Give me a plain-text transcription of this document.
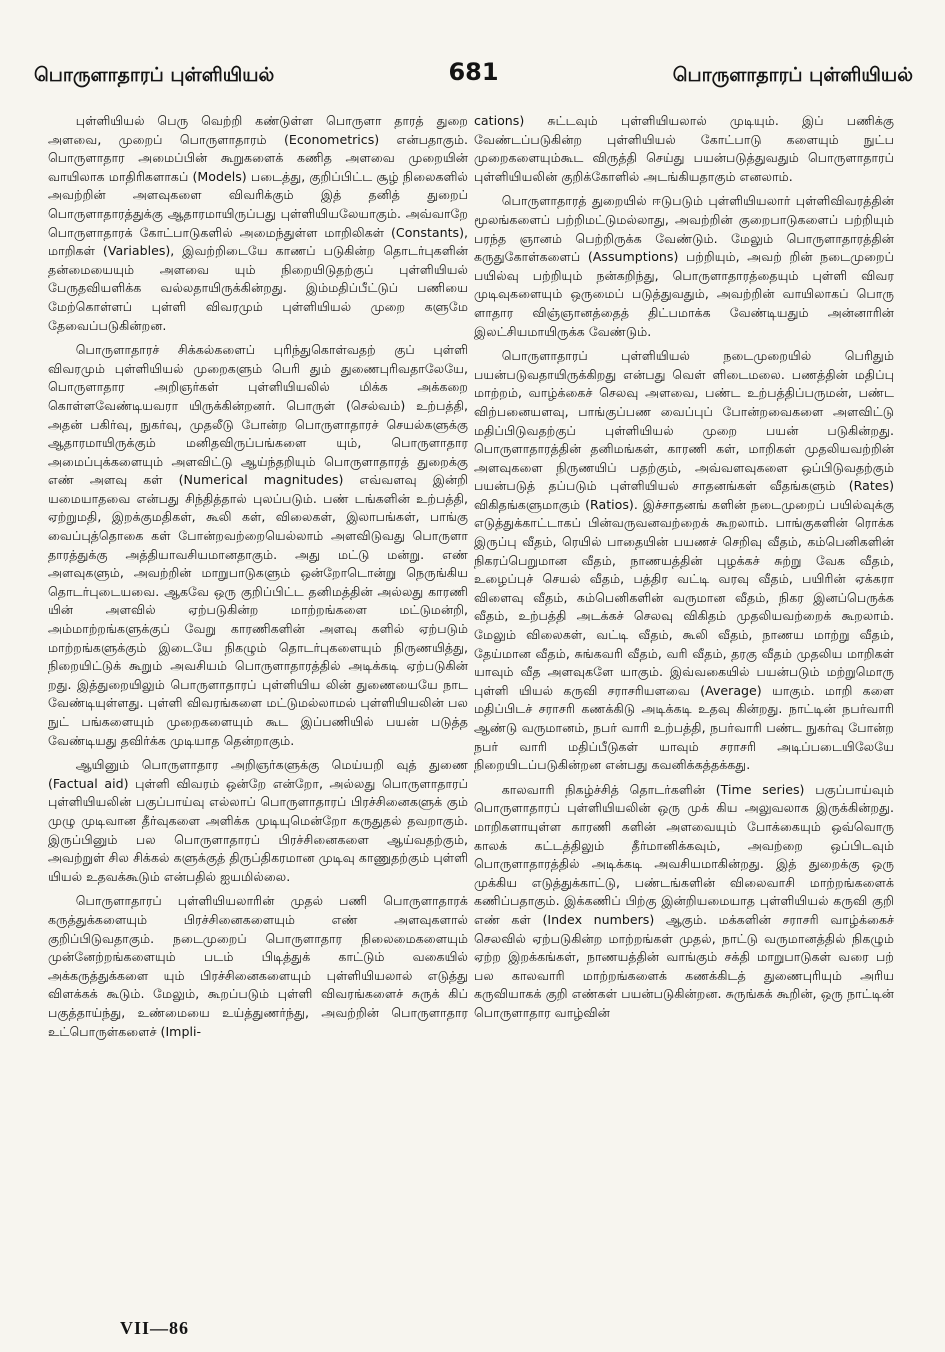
பொருளாதாரப் புள்ளியியல்	681	பொருளாதாரப் புள்ளியியல்

புள்ளியியல் பெரு வெற்றி கண்டுள்ள பொருளா தாரத் துறை அளவை, முறைப் பொருளாதாரம் (Econometrics) என்பதாகும். பொருளாதார அமைப்பின் கூறுகளைக் கணித அளவை முறையின் வாயிலாக மாதிரிகளாகப் (Models) படைத்து, குறிப்பிட்ட சூழ் நிலைகளில் அவற்றின் அளவுகளை விவரிக்கும் இத் தனித் துறைப் பொருளாதாரத்துக்கு ஆதாரமாயிருப்பது புள்ளியியலேயாகும். அவ்வாறே பொருளாதாரக் கோட்பாடுகளில் அமைந்துள்ள மாறிலிகள் (Constants), மாறிகள் (Variables), இவற்றிடையே காணப் படுகின்ற தொடர்புகளின் தன்மையையும் அளவை யும் நிறையிடுதற்குப் புள்ளியியல் பேருதவியளிக்க வல்லதாயிருக்கின்றது. இம்மதிப்பீட்டுப் பணியை மேற்கொள்ளப் புள்ளி விவரமும் புள்ளியியல் முறை களுமே தேவைப்படுகின்றன.

பொருளாதாரச் சிக்கல்களைப் புரிந்துகொள்வதற் குப் புள்ளி விவரமும் புள்ளியியல் முறைகளும் பெரி தும் துணைபுரிவதாலேயே, பொருளாதார அறிஞர்கள் புள்ளியியலில் மிக்க அக்கறை கொள்ளவேண்டியவரா யிருக்கின்றனர். பொருள் (செல்வம்) உற்பத்தி, அதன் பகிர்வு, நுகர்வு, முதலீடு போன்ற பொருளாதாரச் செயல்களுக்கு ஆதாரமாயிருக்கும் மனிதவிருப்பங்களை யும், பொருளாதார அமைப்புக்களையும் அளவிட்டு ஆய்ந்தறியும் பொருளாதாரத் துறைக்கு எண் அளவு கள் (Numerical magnitudes) எவ்வளவு இன்றி யமையாதவை என்பது சிந்தித்தால் புலப்படும். பண் டங்களின் உற்பத்தி, ஏற்றுமதி, இறக்குமதிகள், கூலி கள், விலைகள், இலாபங்கள், பாங்கு வைப்புத்தொகை கள் போன்றவற்றையெல்லாம் அளவிடுவது பொருளா தாரத்துக்கு அத்தியாவசியமானதாகும். அது மட்டு மன்று. எண் அளவுகளும், அவற்றின் மாறுபாடுகளும் ஒன்றோடொன்று நெருங்கிய தொடர்புடையவை. ஆகவே ஒரு குறிப்பிட்ட தனிமத்தின் அல்லது காரணி யின் அளவில் ஏற்படுகின்ற மாற்றங்களை மட்டுமன்றி, அம்மாற்றங்களுக்குப் வேறு காரணிகளின் அளவு களில் ஏற்படும் மாற்றங்களுக்கும் இடையே நிகழும் தொடர்புகளையும் நிருணயித்து, நிறையிட்டுக் கூறும் அவசியம் பொருளாதாரத்தில் அடிக்கடி ஏற்படுகின் றது. இத்துறையிலும் பொருளாதாரப் புள்ளியிய லின் துணையையே நாட வேண்டியுள்ளது. புள்ளி விவரங்களை மட்டுமல்லாமல் புள்ளியியலின் பல நுட் பங்களையும் முறைகளையும் கூட இப்பணியில் பயன் படுத்த வேண்டியது தவிர்க்க முடியாத தென்றாகும்.

ஆயினும் பொருளாதார அறிஞர்களுக்கு மெய்யறி வுத் துணை (Factual aid) புள்ளி விவரம் ஒன்றே என்றோ, அல்லது பொருளாதாரப் புள்ளியியலின் பகுப்பாய்வு எல்லாப் பொருளாதாரப் பிரச்சினைகளுக் கும் முழு முடிவான தீர்வுகளை அளிக்க முடியுமென்றோ கருதுதல் தவறாகும். இருப்பினும் பல பொருளாதாரப் பிரச்சினைகளை ஆய்வதற்கும், அவற்றுள் சில சிக்கல் களுக்குத் திருப்திகரமான முடிவு காணுதற்கும் புள்ளி யியல் உதவக்கூடும் என்பதில் ஐயமில்லை.

பொருளாதாரப் புள்ளியியலாரின் முதல் பணி பொருளாதாரக் கருத்துக்களையும் பிரச்சினைகளையும் எண் அளவுகளால் குறிப்பிடுவதாகும். நடைமுறைப் பொருளாதார நிலைமைகளையும் முன்னேற்றங்களையும் படம் பிடித்துக் காட்டும் வகையில் அக்கருத்துக்களை யும் பிரச்சினைகளையும் புள்ளியியலால் எடுத்து விளக்கக் கூடும். மேலும், கூறப்படும் புள்ளி விவரங்களைச் சுருக் கிப் பகுத்தாய்ந்து, உண்மையை உய்த்துணர்ந்து, அவற்றின் பொருளாதார உட்பொருள்களைச் (Impli-

cations) சுட்டவும் புள்ளியியலால் முடியும். இப் பணிக்கு வேண்டப்படுகின்ற புள்ளியியல் கோட்பாடு களையும் நுட்ப முறைகளையும்கூட விருத்தி செய்து பயன்படுத்துவதும் பொருளாதாரப் புள்ளியியலின் குறிக்கோளில் அடங்கியதாகும் எனலாம்.

பொருளாதாரத் துறையில் ஈடுபடும் புள்ளியியலார் புள்ளிவிவரத்தின் மூலங்களைப் பற்றிமட்டுமல்லாது, அவற்றின் குறைபாடுகளைப் பற்றியும் பரந்த ஞானம் பெற்றிருக்க வேண்டும். மேலும் பொருளாதாரத்தின் கருதுகோள்களைப் (Assumptions) பற்றியும், அவற் றின் நடைமுறைப் பயில்வு பற்றியும் நன்கறிந்து, பொருளாதாரத்தையும் புள்ளி விவர முடிவுகளையும் ஒருமைப் படுத்துவதும், அவற்றின் வாயிலாகப் பொரு ளாதார விஞ்ஞானத்தைத் திட்பமாக்க வேண்டியதும் அன்னாரின் இலட்சியமாயிருக்க வேண்டும்.

பொருளாதாரப் புள்ளியியல் நடைமுறையில் பெரிதும் பயன்படுவதாயிருக்கிறது என்பது வெள் ளிடைமலை. பணத்தின் மதிப்பு மாற்றம், வாழ்க்கைச் செலவு அளவை, பண்ட உற்பத்திப்பருமன், பண்ட விற்பனையளவு, பாங்குப்பண வைப்புப் போன்றவைகளை அளவிட்டு மதிப்பிடுவதற்குப் புள்ளியியல் முறை பயன் படுகின்றது. பொருளாதாரத்தின் தனிமங்கள், காரணி கள், மாறிகள் முதலியவற்றின் அளவுகளை நிருணயிப் பதற்கும், அவ்வளவுகளை ஒப்பிடுவதற்கும் பயன்படுத் தப்படும் புள்ளியியல் சாதனங்கள் வீதங்களும் (Rates) விகிதங்களுமாகும் (Ratios). இச்சாதனங் களின் நடைமுறைப் பயில்வுக்கு எடுத்துக்காட்டாகப் பின்வருவனவற்றைக் கூறலாம். பாங்குகளின் ரொக்க இருப்பு வீதம், ரெயில் பாதையின் பயணச் செறிவு வீதம், கம்பெனிகளின் நிகரப்பெறுமான வீதம், நாணயத்தின் புழக்கச் சுற்று வேக வீதம், உழைப்புச் செயல் வீதம், பத்திர வட்டி வரவு வீதம், பயிரின் ஏக்கரா விளைவு வீதம், கம்பெனிகளின் வருமான வீதம், நிகர இனப்பெருக்க வீதம், உற்பத்தி அடக்கச் செலவு விகிதம் முதலியவற்றைக் கூறலாம். மேலும் விலைகள், வட்டி வீதம், கூலி வீதம், நாணய மாற்று வீதம், தேய்மான வீதம், சுங்கவரி வீதம், வரி வீதம், தரகு வீதம் முதலிய மாறிகள் யாவும் வீத அளவுகளே யாகும். இவ்வகையில் பயன்படும் மற்றுமொரு புள்ளி யியல் கருவி சராசரியளவை (Average) யாகும். மாறி களை மதிப்பிடச் சராசரி கணக்கிடு அடிக்கடி உதவு கின்றது. நாட்டின் நபர்வாரி ஆண்டு வருமானம், நபர் வாரி உற்பத்தி, நபர்வாரி பண்ட நுகர்வு போன்ற நபர் வாரி மதிப்பீடுகள் யாவும் சராசரி அடிப்படையிலேயே நிறையிடப்படுகின்றன என்பது கவனிக்கத்தக்கது.

காலவாரி நிகழ்ச்சித் தொடர்களின் (Time series) பகுப்பாய்வும் பொருளாதாரப் புள்ளியியலின் ஒரு முக் கிய அலுவலாக இருக்கின்றது. மாறிகளாயுள்ள காரணி களின் அளவையும் போக்கையும் ஒவ்வொரு காலக் கட்டத்திலும் தீர்மானிக்கவும், அவற்றை ஒப்பிடவும் பொருளாதாரத்தில் அடிக்கடி அவசியமாகின்றது. இத் துறைக்கு ஒரு முக்கிய எடுத்துக்காட்டு, பண்டங்களின் விலைவாசி மாற்றங்களைக் கணிப்பதாகும். இக்கணிப் பிற்கு இன்றியமையாத புள்ளியியல் கருவி குறி எண் கள் (Index numbers) ஆகும். மக்களின் சராசரி வாழ்க்கைச் செலவில் ஏற்படுகின்ற மாற்றங்கள் முதல், நாட்டு வருமானத்தில் நிகழும் ஏற்ற இறக்கங்கள், நாணயத்தின் வாங்கும் சக்தி மாறுபாடுகள் வரை பற் பல காலவாரி மாற்றங்களைக் கணக்கிடத் துணைபுரியும் அரிய கருவியாகக் குறி எண்கள் பயன்படுகின்றன. சுருங்கக் கூறின், ஒரு நாட்டின் பொருளாதார வாழ்வின்

VII—86
